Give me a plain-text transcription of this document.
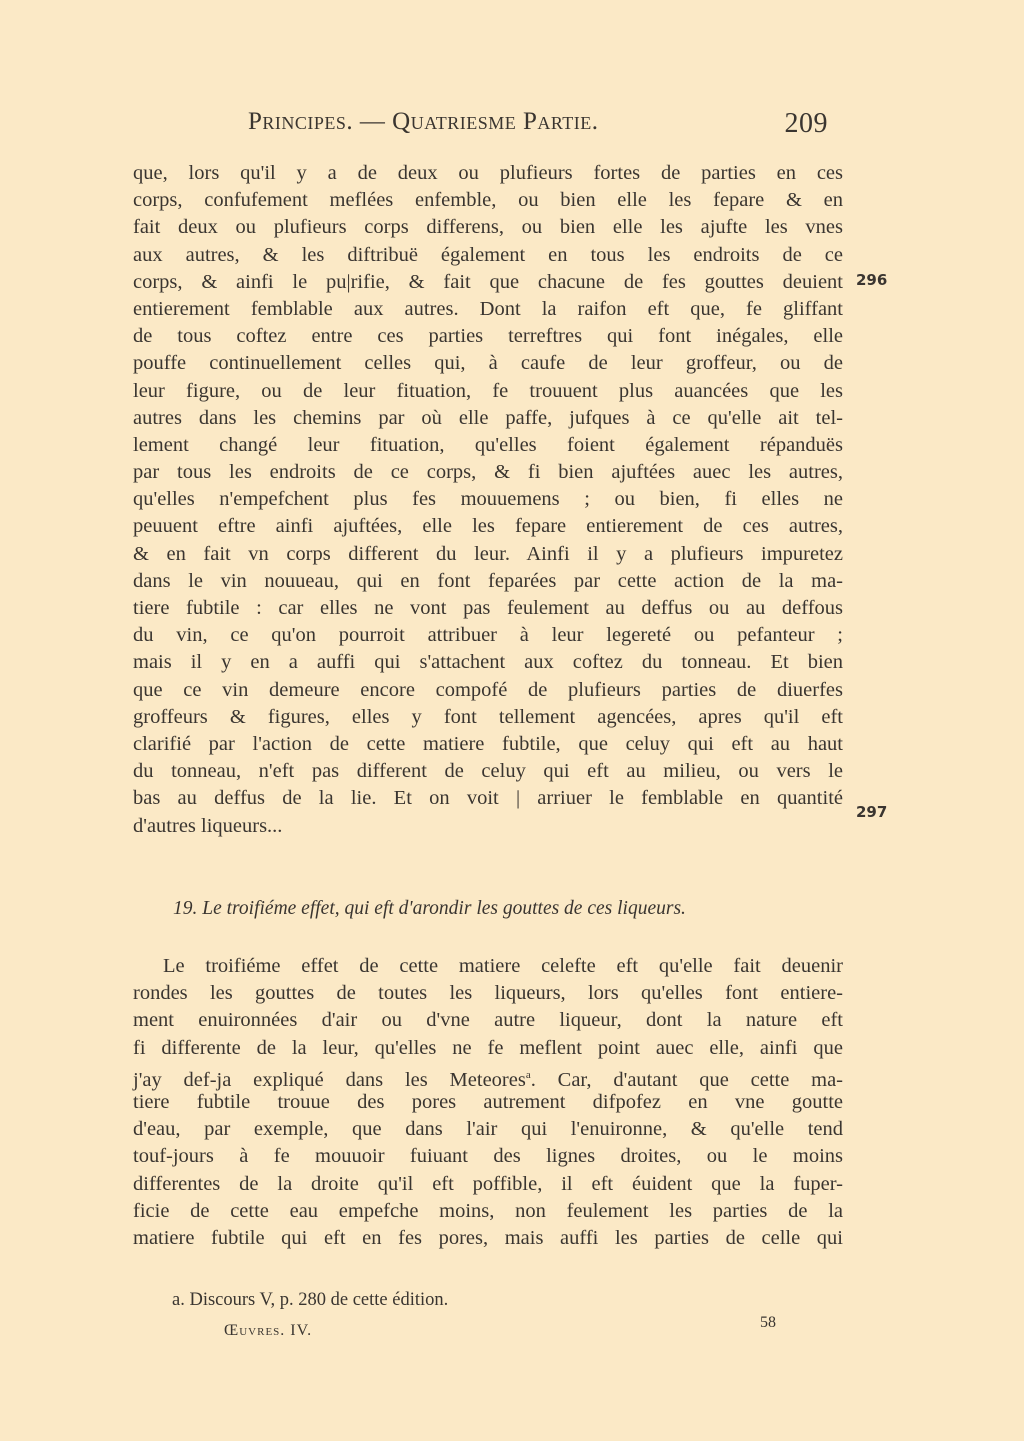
Principes. — Quatriesme Partie.	209
que, lors qu'il y a de deux ou plufieurs fortes de parties en ces
corps, confufement meflées enfemble, ou bien elle les fepare & en
fait deux ou plufieurs corps differens, ou bien elle les ajufte les vnes
aux autres, & les diftribuë également en tous les endroits de ce
corps, & ainfi le pu|rifie, & fait que chacune de fes gouttes deuient
entierement femblable aux autres. Dont la raifon eft que, fe gliffant
de tous coftez entre ces parties terreftres qui font inégales, elle
pouffe continuellement celles qui, à caufe de leur groffeur, ou de
leur figure, ou de leur fituation, fe trouuent plus auancées que les
autres dans les chemins par où elle paffe, jufques à ce qu'elle ait tel-
lement changé leur fituation, qu'elles foient également répanduës
par tous les endroits de ce corps, & fi bien ajuftées auec les autres,
qu'elles n'empefchent plus fes mouuemens ; ou bien, fi elles ne
peuuent eftre ainfi ajuftées, elle les fepare entierement de ces autres,
& en fait vn corps different du leur. Ainfi il y a plufieurs impuretez
dans le vin nouueau, qui en font feparées par cette action de la ma-
tiere fubtile : car elles ne vont pas feulement au deffus ou au deffous
du vin, ce qu'on pourroit attribuer à leur legereté ou pefanteur ;
mais il y en a auffi qui s'attachent aux coftez du tonneau. Et bien
que ce vin demeure encore compofé de plufieurs parties de diuerfes
groffeurs & figures, elles y font tellement agencées, apres qu'il eft
clarifié par l'action de cette matiere fubtile, que celuy qui eft au haut
du tonneau, n'eft pas different de celuy qui eft au milieu, ou vers le
bas au deffus de la lie. Et on voit | arriuer le femblable en quantité
d'autres liqueurs...
296
297
19. Le troifiéme effet, qui eft d'arondir les gouttes de ces liqueurs.
Le troifiéme effet de cette matiere celefte eft qu'elle fait deuenir
rondes les gouttes de toutes les liqueurs, lors qu'elles font entiere-
ment enuironnées d'air ou d'vne autre liqueur, dont la nature eft
fi differente de la leur, qu'elles ne fe meflent point auec elle, ainfi que
j'ay def-ja expliqué dans les Meteores$^a$. Car, d'autant que cette ma-
tiere fubtile trouue des pores autrement difpofez en vne goutte
d'eau, par exemple, que dans l'air qui l'enuironne, & qu'elle tend
touf-jours à fe mouuoir fuiuant des lignes droites, ou le moins
differentes de la droite qu'il eft poffible, il eft éuident que la fuper-
ficie de cette eau empefche moins, non feulement les parties de la
matiere fubtile qui eft en fes pores, mais auffi les parties de celle qui
a. Discours V, p. 280 de cette édition.
Œuvres. IV.	58
